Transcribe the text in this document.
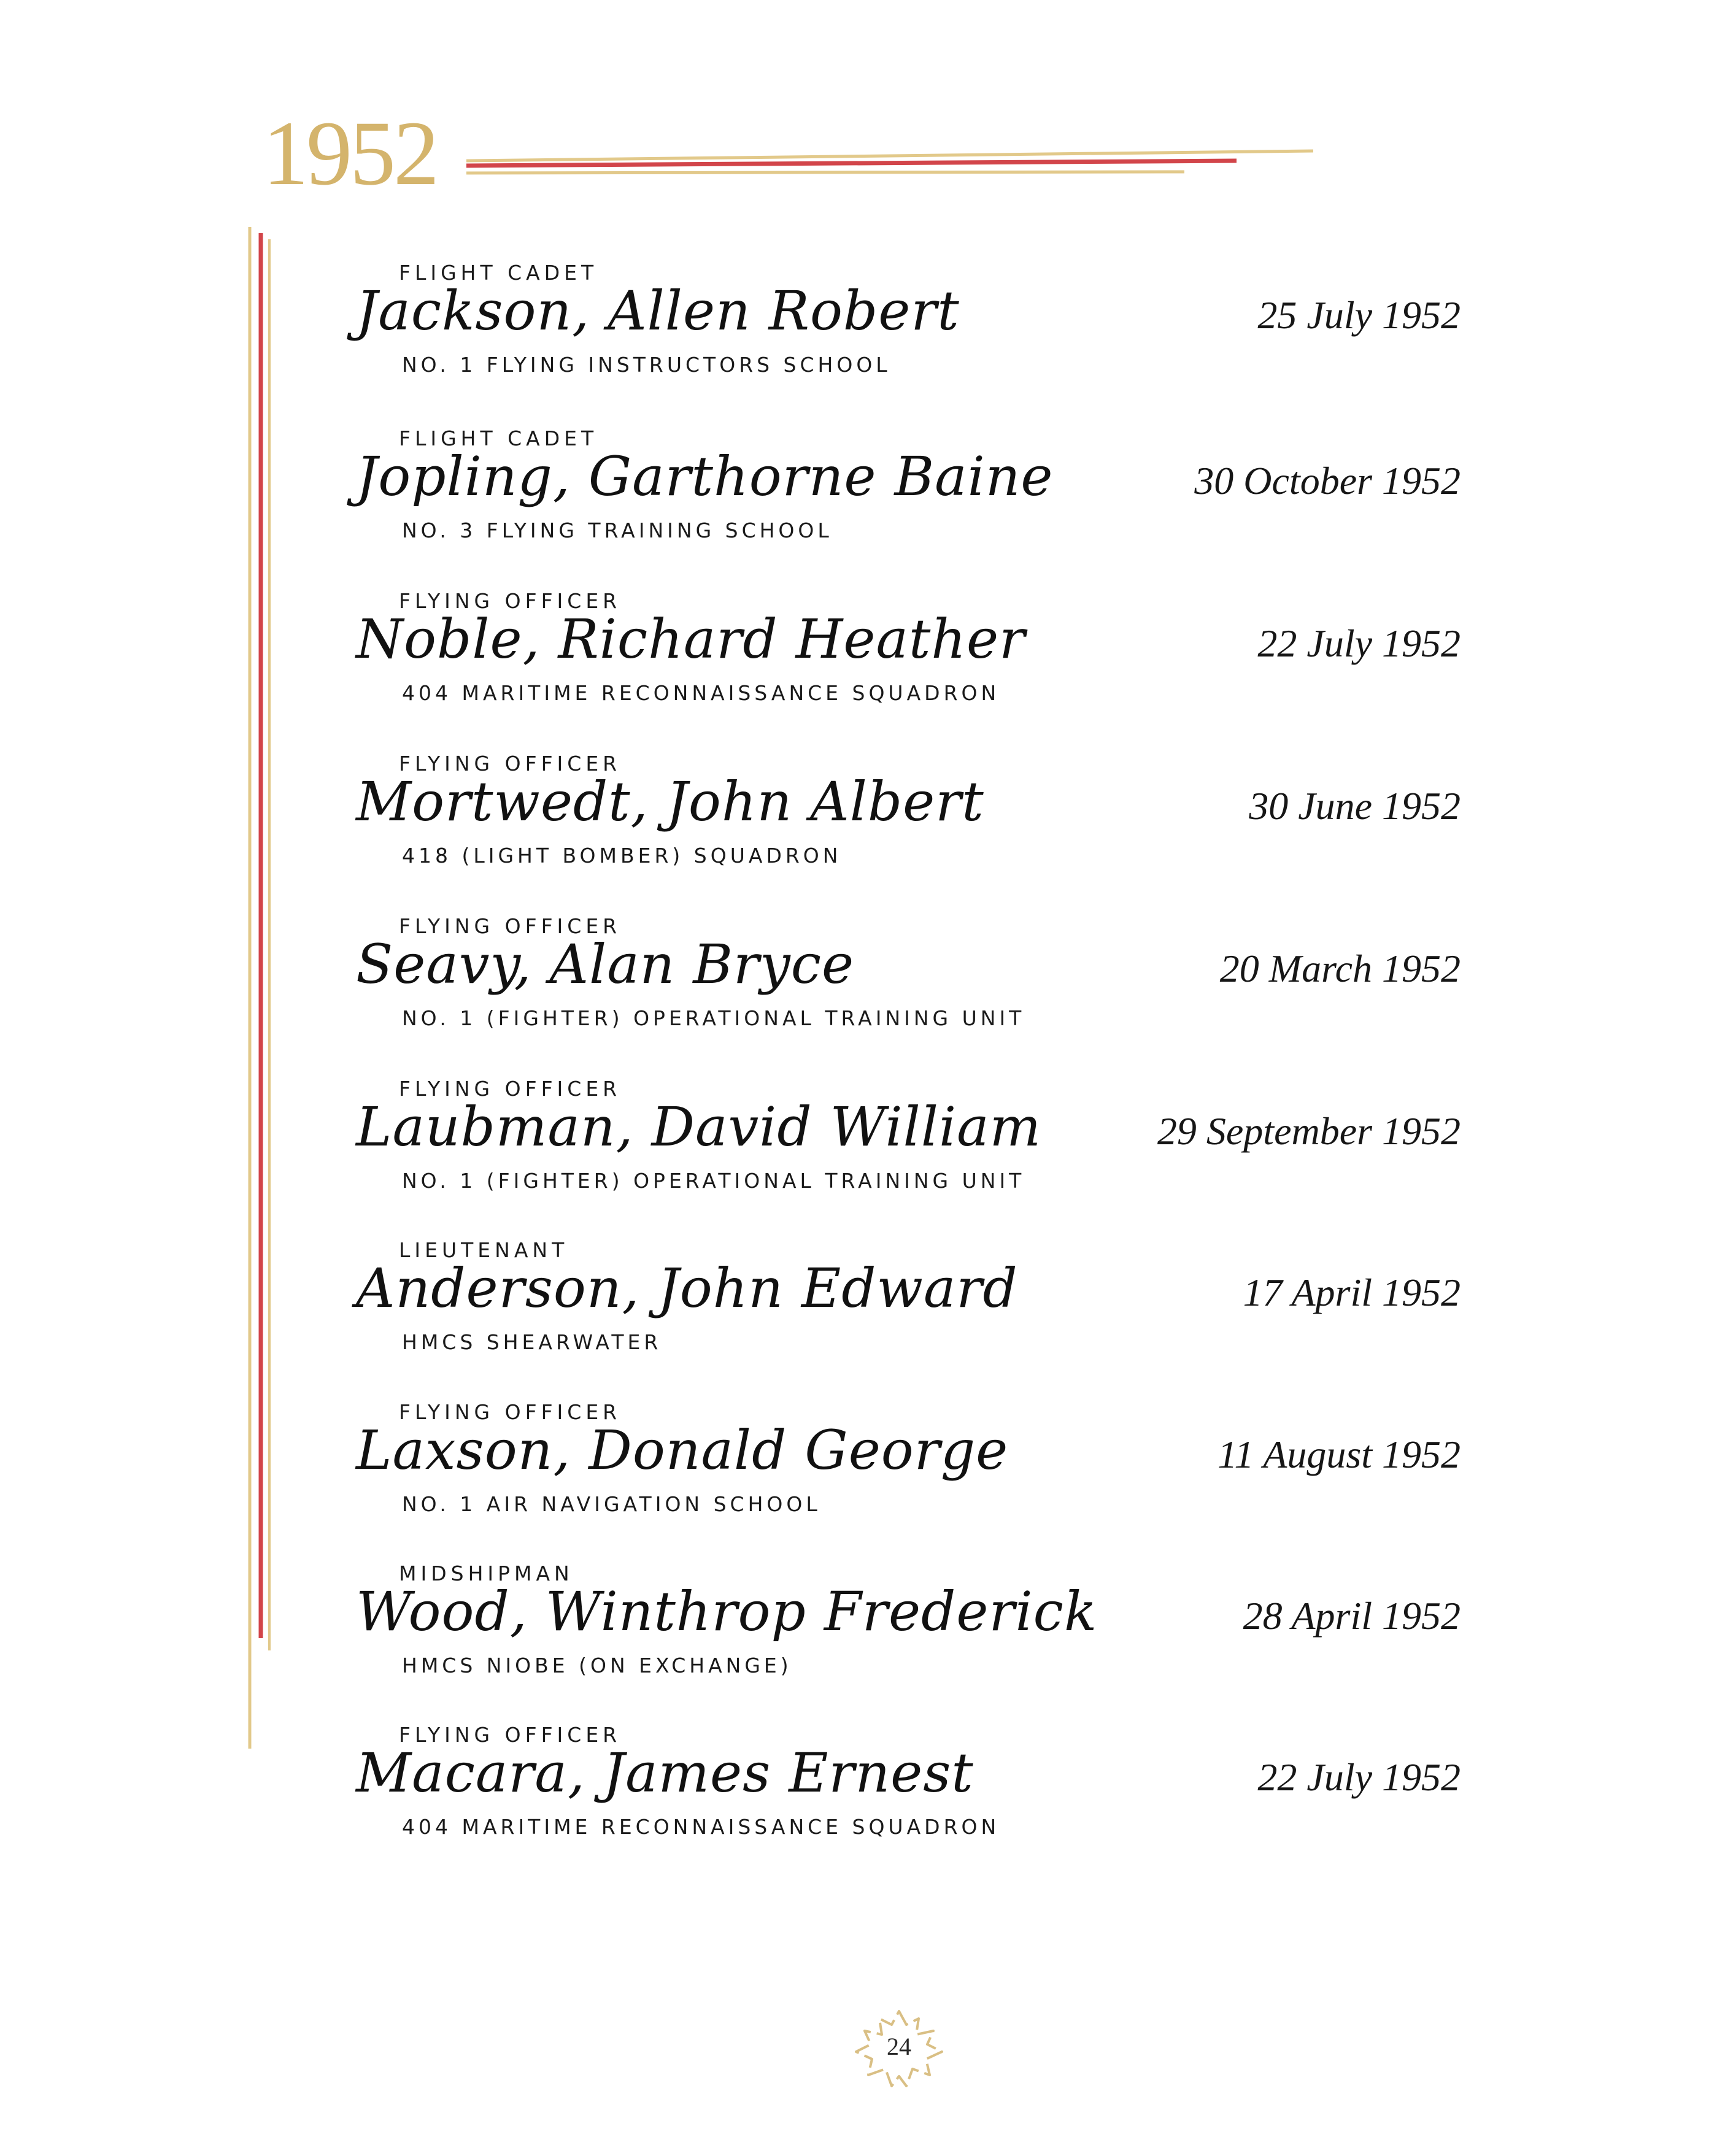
1952
FLIGHT CADET
Jackson, Allen Robert
NO. 1 FLYING INSTRUCTORS SCHOOL
25 July 1952
FLIGHT CADET
Jopling, Garthorne Baine
NO. 3 FLYING TRAINING SCHOOL
30 October 1952
FLYING OFFICER
Noble, Richard Heather
404 MARITIME RECONNAISSANCE SQUADRON
22 July 1952
FLYING OFFICER
Mortwedt, John Albert
418 (LIGHT BOMBER) SQUADRON
30 June 1952
FLYING OFFICER
Seavy, Alan Bryce
NO. 1 (FIGHTER) OPERATIONAL TRAINING UNIT
20 March 1952
FLYING OFFICER
Laubman, David William
NO. 1 (FIGHTER) OPERATIONAL TRAINING UNIT
29 September 1952
LIEUTENANT
Anderson, John Edward
HMCS SHEARWATER
17 April 1952
FLYING OFFICER
Laxson, Donald George
NO. 1 AIR NAVIGATION SCHOOL
11 August 1952
MIDSHIPMAN
Wood, Winthrop Frederick
HMCS NIOBE (ON EXCHANGE)
28 April 1952
FLYING OFFICER
Macara, James Ernest
404 MARITIME RECONNAISSANCE SQUADRON
22 July 1952
24
